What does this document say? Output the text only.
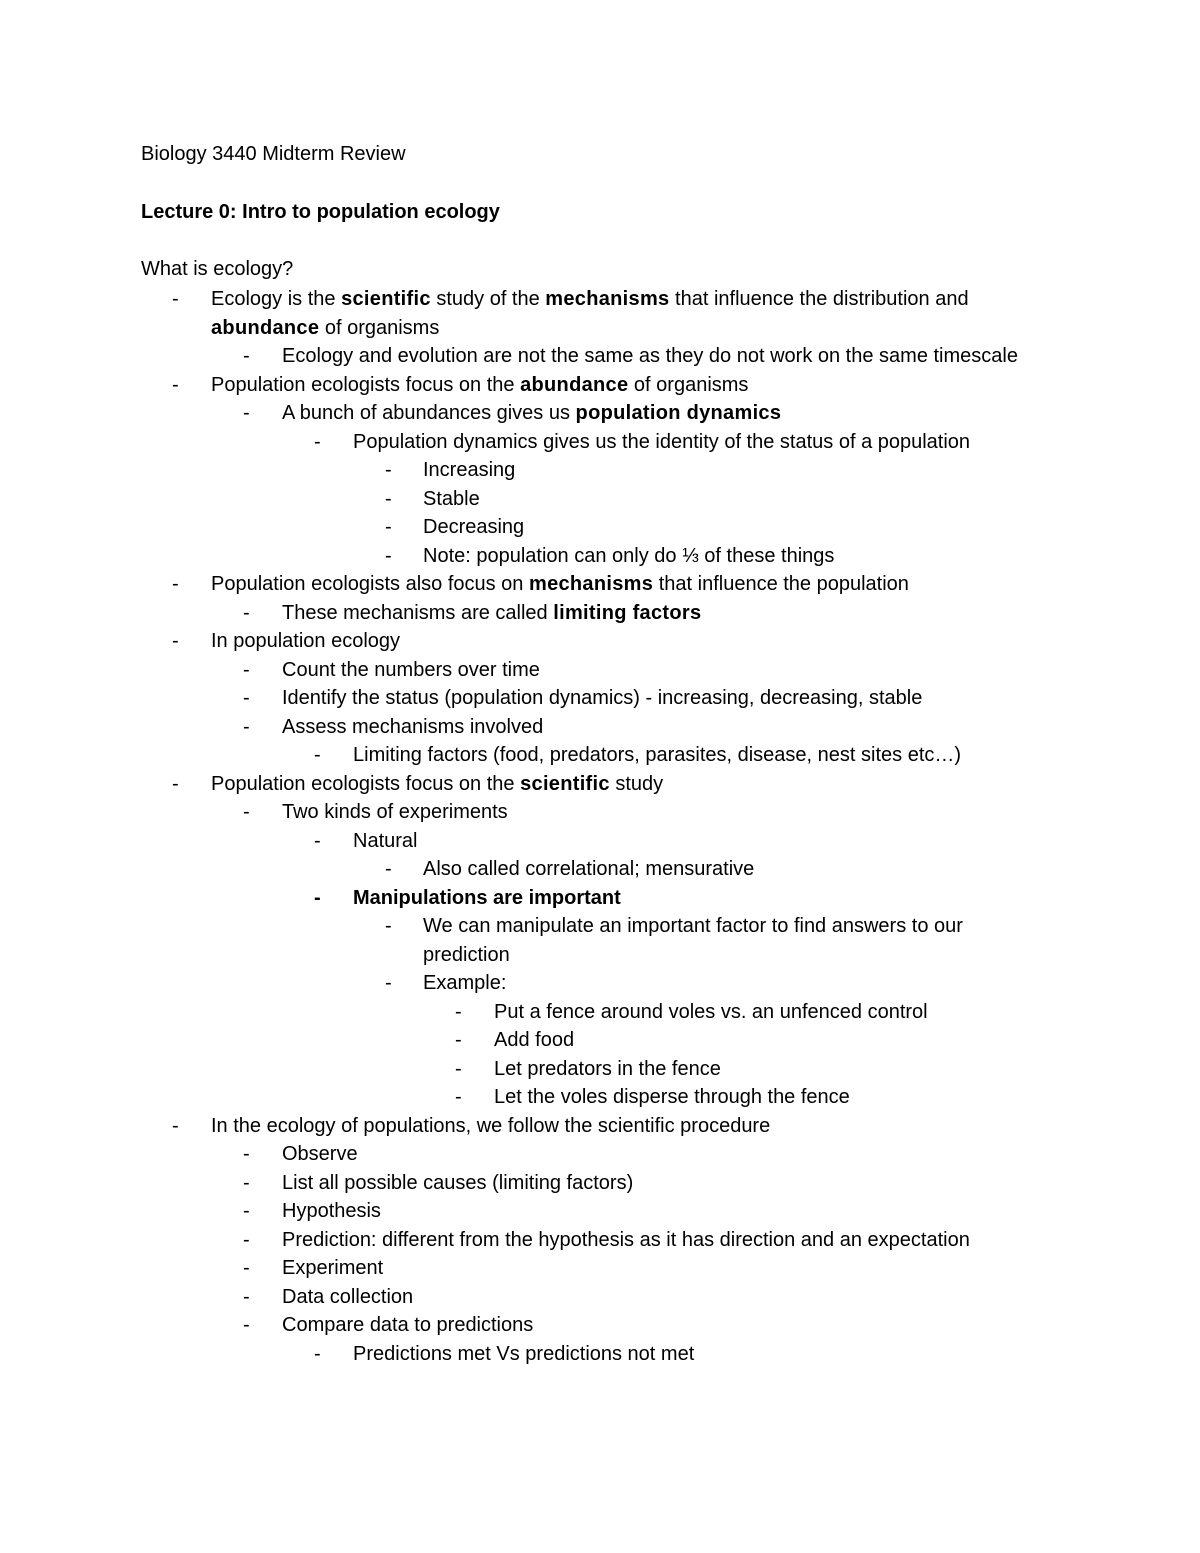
Biology 3440 Midterm Review
Lecture 0: Intro to population ecology
What is ecology?
- Ecology is the scientific study of the mechanisms that influence the distribution and abundance of organisms
- Ecology and evolution are not the same as they do not work on the same timescale
- Population ecologists focus on the abundance of organisms
- A bunch of abundances gives us population dynamics
- Population dynamics gives us the identity of the status of a population
- Increasing
- Stable
- Decreasing
- Note: population can only do ⅓ of these things
- Population ecologists also focus on mechanisms that influence the population
- These mechanisms are called limiting factors
- In population ecology
- Count the numbers over time
- Identify the status (population dynamics) - increasing, decreasing, stable
- Assess mechanisms involved
- Limiting factors (food, predators, parasites, disease, nest sites etc…)
- Population ecologists focus on the scientific study
- Two kinds of experiments
- Natural
- Also called correlational; mensurative
- Manipulations are important
- We can manipulate an important factor to find answers to our prediction
- Example:
- Put a fence around voles vs. an unfenced control
- Add food
- Let predators in the fence
- Let the voles disperse through the fence
- In the ecology of populations, we follow the scientific procedure
- Observe
- List all possible causes (limiting factors)
- Hypothesis
- Prediction: different from the hypothesis as it has direction and an expectation
- Experiment
- Data collection
- Compare data to predictions
- Predictions met Vs predictions not met
